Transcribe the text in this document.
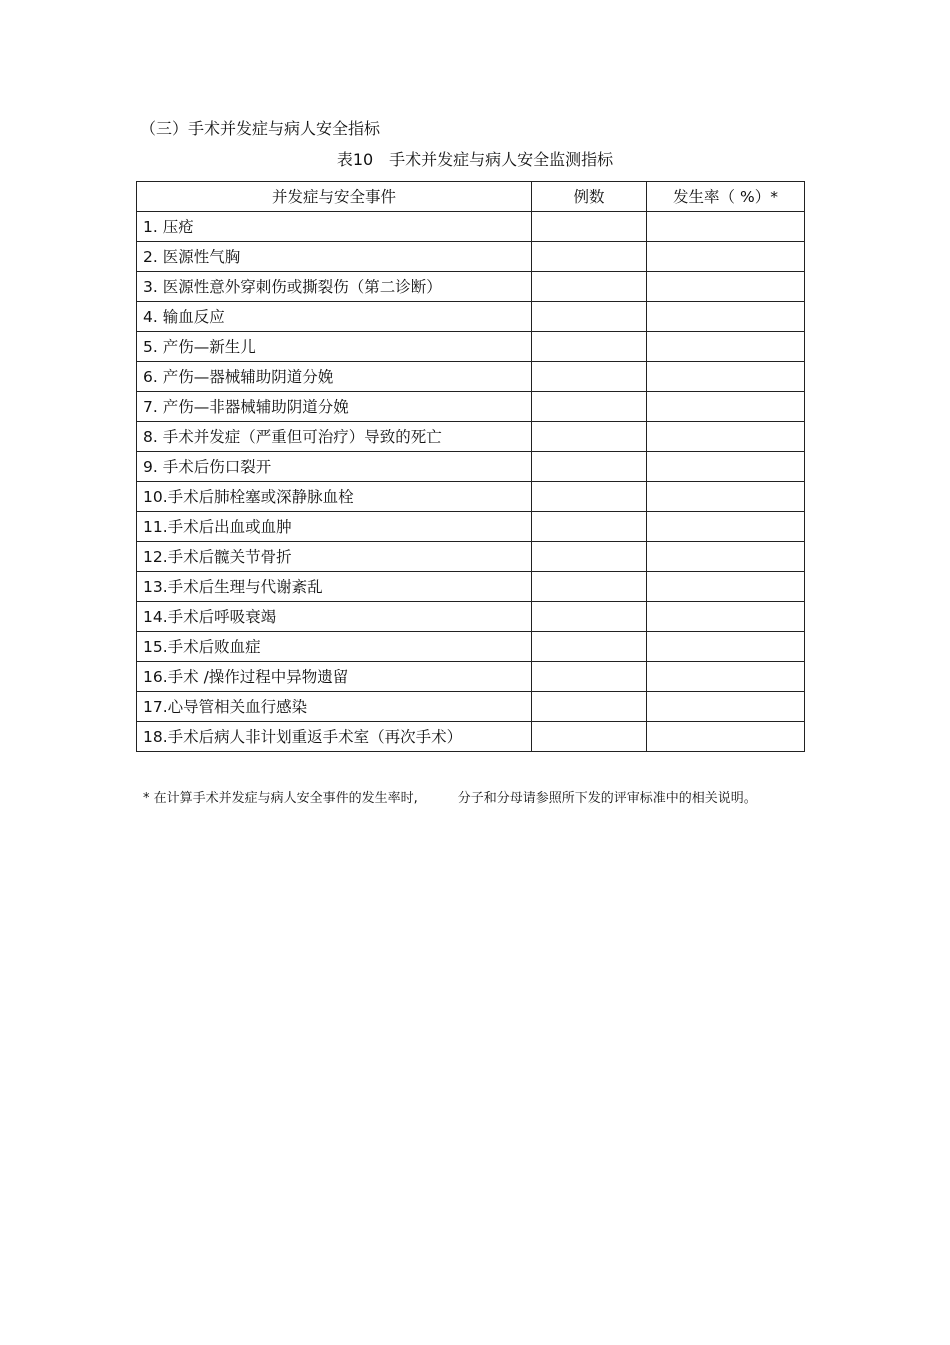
（三）手术并发症与病人安全指标
表10　手术并发症与病人安全监测指标
并发症与安全事件	例数	发生率（ %）*
1. 压疮		
2. 医源性气胸		
3. 医源性意外穿刺伤或撕裂伤（第二诊断）		
4. 输血反应		
5. 产伤—新生儿		
6. 产伤—器械辅助阴道分娩		
7. 产伤—非器械辅助阴道分娩		
8. 手术并发症（严重但可治疗）导致的死亡		
9. 手术后伤口裂开		
10.手术后肺栓塞或深静脉血栓		
11.手术后出血或血肿		
12.手术后髋关节骨折		
13.手术后生理与代谢紊乱		
14.手术后呼吸衰竭		
15.手术后败血症		
16.手术 /操作过程中异物遗留		
17.心导管相关血行感染		
18.手术后病人非计划重返手术室（再次手术）		
* 在计算手术并发症与病人安全事件的发生率时,	分子和分母请参照所下发的评审标准中的相关说明。
